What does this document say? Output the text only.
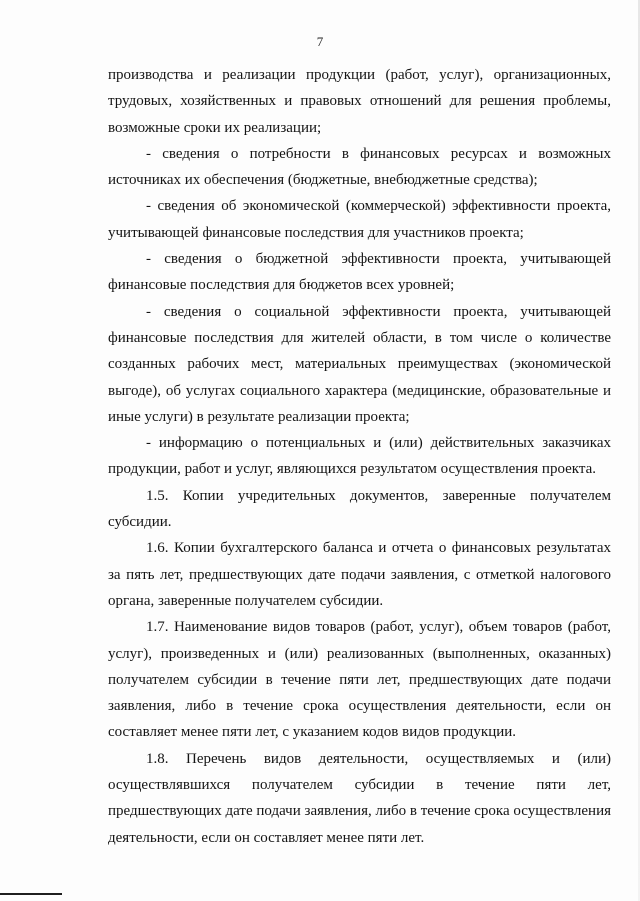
7

производства и реализации продукции (работ, услуг), организационных, трудовых, хозяйственных и правовых отношений для решения проблемы, возможные сроки их реализации;

- сведения о потребности в финансовых ресурсах и возможных источниках их обеспечения (бюджетные, внебюджетные средства);

- сведения об экономической (коммерческой) эффективности проекта, учитывающей финансовые последствия для участников проекта;

- сведения о бюджетной эффективности проекта, учитывающей финансовые последствия для бюджетов всех уровней;

- сведения о социальной эффективности проекта, учитывающей финансовые последствия для жителей области, в том числе о количестве созданных рабочих мест, материальных преимуществах (экономической выгоде), об услугах социального характера (медицинские, образовательные и иные услуги) в результате реализации проекта;

- информацию о потенциальных и (или) действительных заказчиках продукции, работ и услуг, являющихся результатом осуществления проекта.

1.5. Копии учредительных документов, заверенные получателем субсидии.

1.6. Копии бухгалтерского баланса и отчета о финансовых результатах за пять лет, предшествующих дате подачи заявления, с отметкой налогового органа, заверенные получателем субсидии.

1.7. Наименование видов товаров (работ, услуг), объем товаров (работ, услуг), произведенных и (или) реализованных (выполненных, оказанных) получателем субсидии в течение пяти лет, предшествующих дате подачи заявления, либо в течение срока осуществления деятельности, если он составляет менее пяти лет, с указанием кодов видов продукции.

1.8. Перечень видов деятельности, осуществляемых и (или) осуществлявшихся получателем субсидии в течение пяти лет, предшествующих дате подачи заявления, либо в течение срока осуществления деятельности, если он составляет менее пяти лет.
